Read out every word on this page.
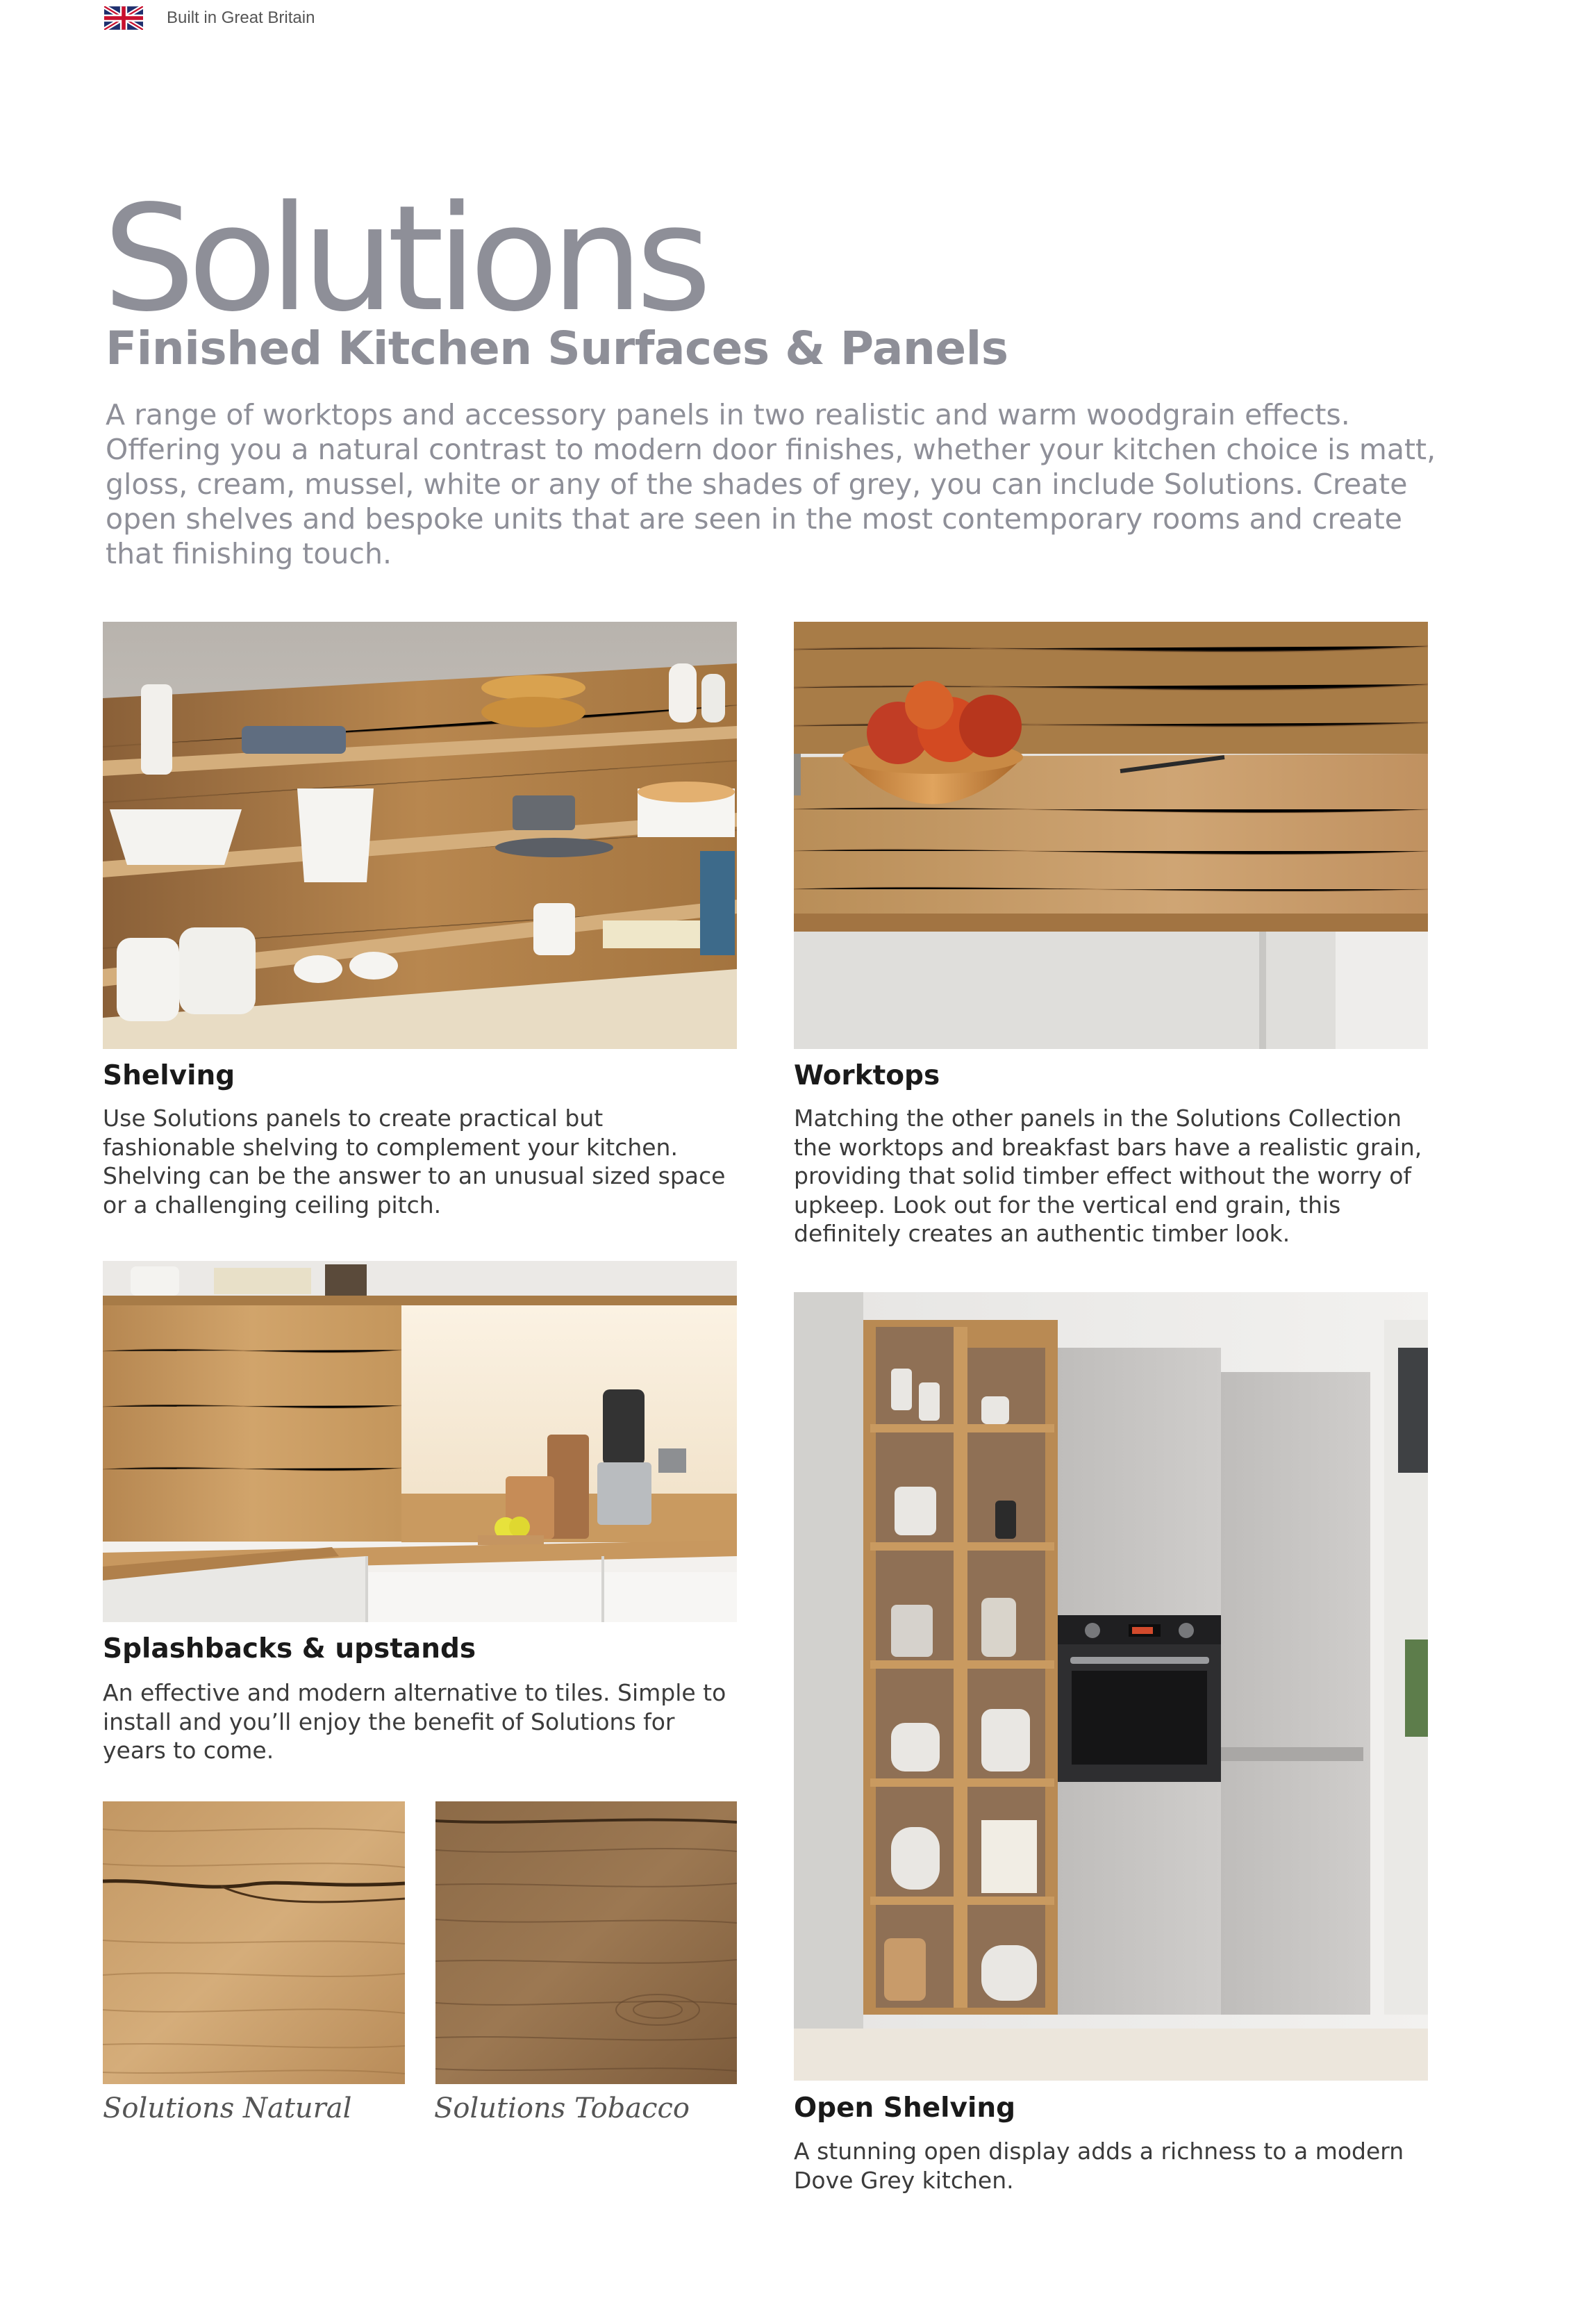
Built in Great Britain
Solutions
Finished Kitchen Surfaces & Panels

A range of worktops and accessory panels in two realistic and warm woodgrain effects. Offering you a natural contrast to modern door finishes, whether your kitchen choice is matt, gloss, cream, mussel, white or any of the shades of grey, you can include Solutions. Create open shelves and bespoke units that are seen in the most contemporary rooms and create that finishing touch.

Shelving

Use Solutions panels to create practical but fashionable shelving to complement your kitchen. Shelving can be the answer to an unusual sized space or a challenging ceiling pitch.

Worktops

Matching the other panels in the Solutions Collection the worktops and breakfast bars have a realistic grain, providing that solid timber effect without the worry of upkeep. Look out for the vertical end grain, this definitely creates an authentic timber look.

Splashbacks & upstands

An effective and modern alternative to tiles. Simple to install and you’ll enjoy the benefit of Solutions for years to come.

Solutions Natural	Solutions Tobacco	Open Shelving

A stunning open display adds a richness to a modern Dove Grey kitchen.
